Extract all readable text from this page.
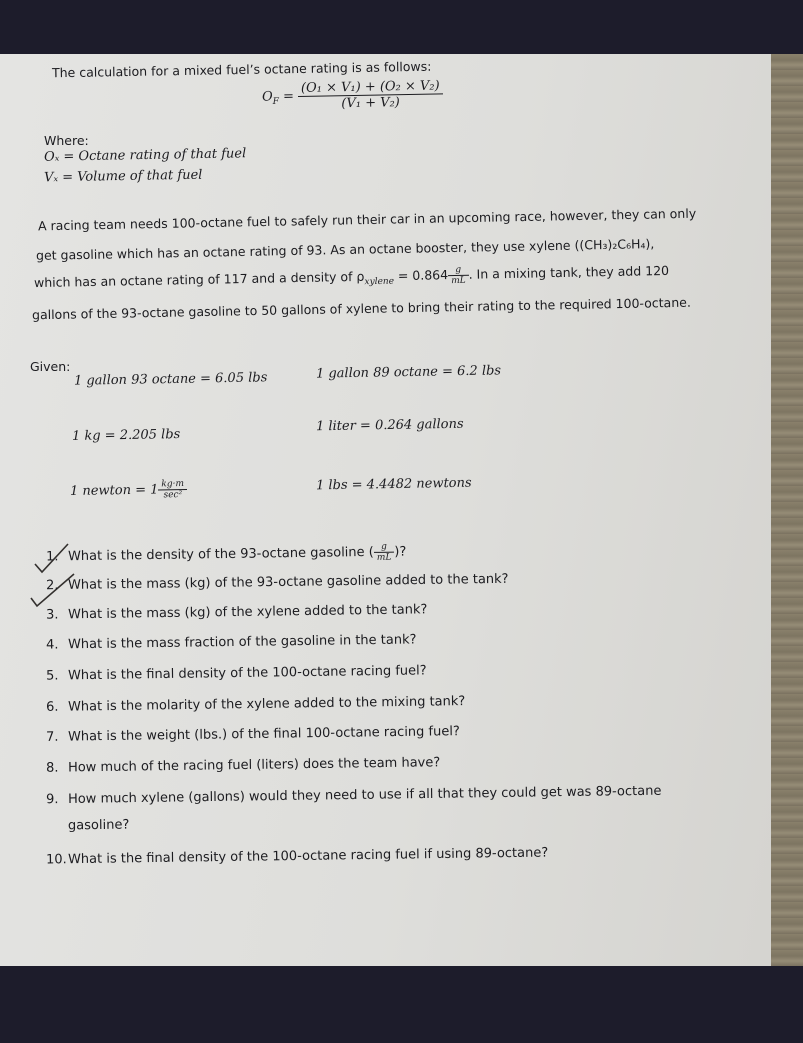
The calculation for a mixed fuel’s octane rating is as follows:
$O_F = \frac{\text{(O₁ × V₁) + (O₂ × V₂)}}{\text{(V₁ + V₂)}}$
Where:
Oₓ = Octane rating of that fuel
Vₓ = Volume of that fuel
A racing team needs 100-octane fuel to safely run their car in an upcoming race, however, they can only
get gasoline which has an octane rating of 93. As an octane booster, they use xylene ((CH₃)₂C₆H₄),
which has an octane rating of 117 and a density of $\rho_{xylene} = 0.864 \frac{g}{mL}$ . In a mixing tank, they add 120
gallons of the 93-octane gasoline to 50 gallons of xylene to bring their rating to the required 100-octane.
Given:
1 gallon 93 octane = 6.05 lbs	1 gallon 89 octane = 6.2 lbs
1 kg = 2.205 lbs
1 liter = 0.264 gallons
1 newton = $1 \frac{kg\cdot m}{\text{sec²}}$	1 lbs = 4.4482 newtons
1. What is the density of the 93-octane gasoline ( $\frac{g}{mL}$ )?
2. What is the mass (kg) of the 93-octane gasoline added to the tank?
3. What is the mass (kg) of the xylene added to the tank?
4. What is the mass fraction of the gasoline in the tank?
5. What is the final density of the 100-octane racing fuel?
6. What is the molarity of the xylene added to the mixing tank?
7. What is the weight (lbs.) of the final 100-octane racing fuel?
8. How much of the racing fuel (liters) does the team have?
9. How much xylene (gallons) would they need to use if all that they could get was 89-octane
gasoline?
10.What is the final density of the 100-octane racing fuel if using 89-octane?
